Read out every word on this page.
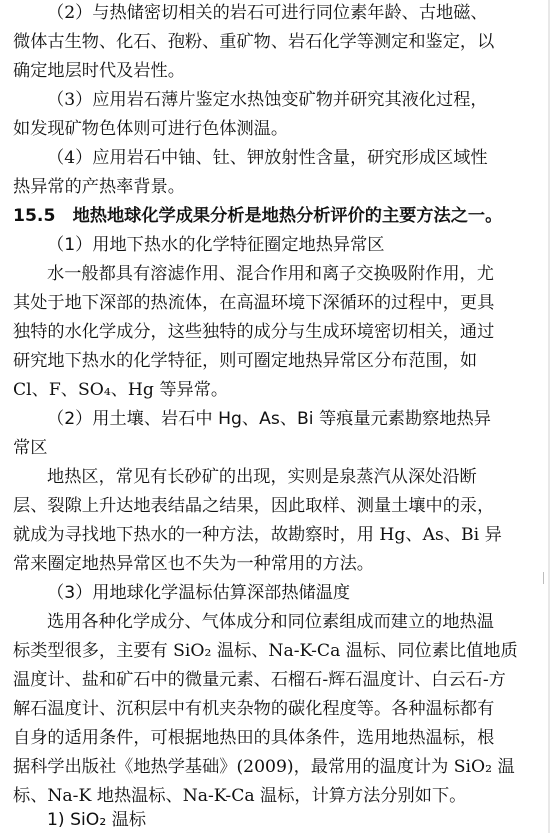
（2）与热储密切相关的岩石可进行同位素年龄、古地磁、
微体古生物、化石、孢粉、重矿物、岩石化学等测定和鉴定，以
确定地层时代及岩性。
（3）应用岩石薄片鉴定水热蚀变矿物并研究其液化过程，
如发现矿物色体则可进行色体测温。
（4）应用岩石中铀、钍、钾放射性含量，研究形成区域性
热异常的产热率背景。
15.5　地热地球化学成果分析是地热分析评价的主要方法之一。
（1）用地下热水的化学特征圈定地热异常区
水一般都具有溶滤作用、混合作用和离子交换吸附作用，尤
其处于地下深部的热流体，在高温环境下深循环的过程中，更具
独特的水化学成分，这些独特的成分与生成环境密切相关，通过
研究地下热水的化学特征，则可圈定地热异常区分布范围，如
Cl、F、SO₄、Hg 等异常。
（2）用土壤、岩石中 Hg、As、Bi 等痕量元素勘察地热异
常区
地热区，常见有长砂矿的出现，实则是泉蒸汽从深处沿断
层、裂隙上升达地表结晶之结果，因此取样、测量土壤中的汞，
就成为寻找地下热水的一种方法，故勘察时，用 Hg、As、Bi 异
常来圈定地热异常区也不失为一种常用的方法。
（3）用地球化学温标估算深部热储温度
选用各种化学成分、气体成分和同位素组成而建立的地热温
标类型很多，主要有 SiO₂ 温标、Na-K-Ca 温标、同位素比值地质
温度计、盐和矿石中的微量元素、石榴石-辉石温度计、白云石-方
解石温度计、沉积层中有机夹杂物的碳化程度等。各种温标都有
自身的适用条件，可根据地热田的具体条件，选用地热温标，根
据科学出版社《地热学基础》(2009)，最常用的温度计为 SiO₂ 温
标、Na-K 地热温标、Na-K-Ca 温标，计算方法分别如下。
1) SiO₂ 温标
